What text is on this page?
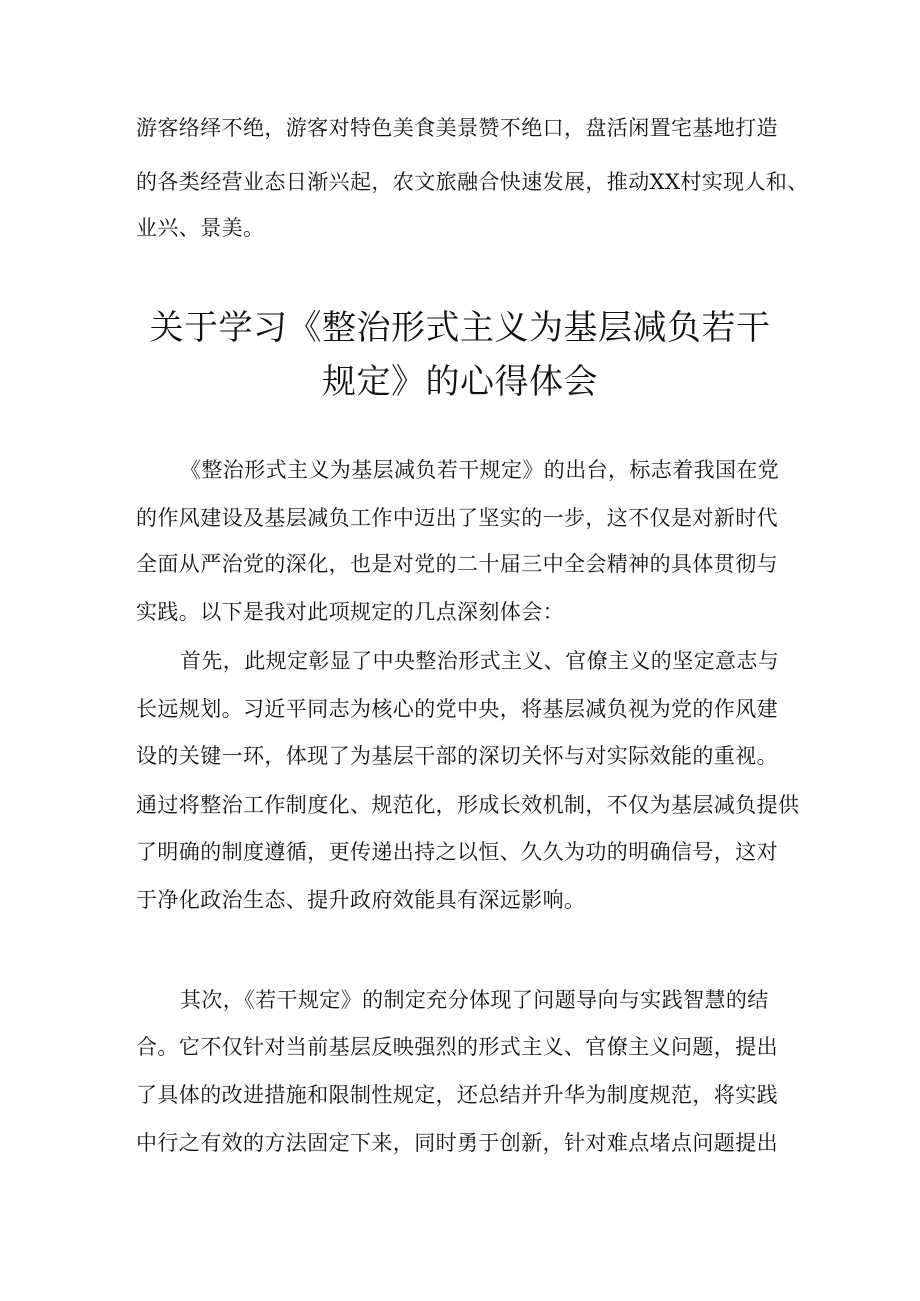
游客络绎不绝，游客对特色美食美景赞不绝口，盘活闲置宅基地打造
的各类经营业态日渐兴起，农文旅融合快速发展，推动XX村实现人和、
业兴、景美。
关于学习《整治形式主义为基层减负若干
规定》的心得体会
《整治形式主义为基层减负若干规定》的出台，标志着我国在党
的作风建设及基层减负工作中迈出了坚实的一步，这不仅是对新时代
全面从严治党的深化，也是对党的二十届三中全会精神的具体贯彻与
实践。以下是我对此项规定的几点深刻体会：
首先，此规定彰显了中央整治形式主义、官僚主义的坚定意志与
长远规划。习近平同志为核心的党中央，将基层减负视为党的作风建
设的关键一环，体现了为基层干部的深切关怀与对实际效能的重视。
通过将整治工作制度化、规范化，形成长效机制，不仅为基层减负提供
了明确的制度遵循，更传递出持之以恒、久久为功的明确信号，这对
于净化政治生态、提升政府效能具有深远影响。
其次，《若干规定》的制定充分体现了问题导向与实践智慧的结
合。它不仅针对当前基层反映强烈的形式主义、官僚主义问题，提出
了具体的改进措施和限制性规定，还总结并升华为制度规范，将实践
中行之有效的方法固定下来，同时勇于创新，针对难点堵点问题提出
